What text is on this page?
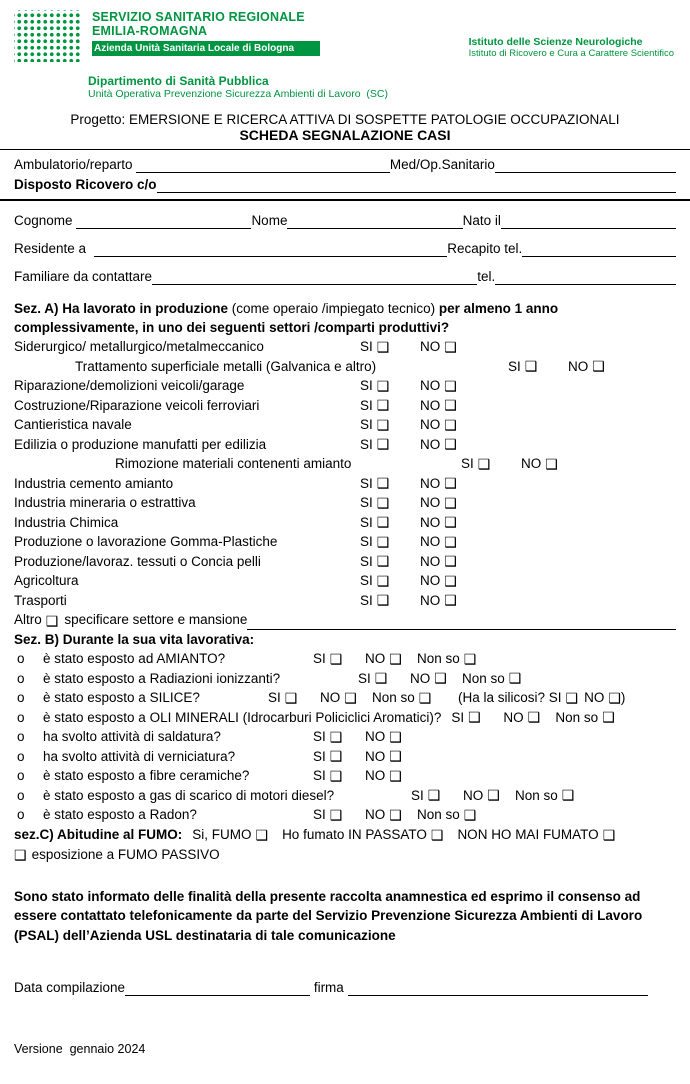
SERVIZIO SANITARIO REGIONALE
EMILIA-ROMAGNA
Azienda Unità Sanitaria Locale di Bologna
Istituto delle Scienze Neurologiche
Istituto di Ricovero e Cura a Carattere Scientifico
Dipartimento di Sanità Pubblica
Unità Operativa Prevenzione Sicurezza Ambienti di Lavoro  (SC)
Progetto: EMERSIONE E RICERCA ATTIVA DI SOSPETTE PATOLOGIE OCCUPAZIONALI
SCHEDA SEGNALAZIONE CASI
Ambulatorio/reparto	Med/Op.Sanitario
Disposto Ricovero c/o
Cognome	Nome	Nato il
Residente a	Recapito tel.
Familiare da contattare	tel.
Sez. A) Ha lavorato in produzione (come operaio /impiegato tecnico) per almeno 1 anno complessivamente, in uno dei seguenti settori /comparti produttivi?
Siderurgico/ metallurgico/metalmeccanico	SI ❑ NO ❑
Trattamento superficiale metalli (Galvanica e altro)	SI ❑ NO ❑
Riparazione/demolizioni veicoli/garage	SI ❑ NO ❑
Costruzione/Riparazione veicoli ferroviari	SI ❑ NO ❑
Cantieristica navale	SI ❑ NO ❑
Edilizia o produzione manufatti per edilizia	SI ❑ NO ❑
Rimozione materiali contenenti amianto	SI ❑ NO ❑
Industria cemento amianto	SI ❑ NO ❑
Industria mineraria o estrattiva	SI ❑ NO ❑
Industria Chimica	SI ❑ NO ❑
Produzione o lavorazione Gomma-Plastiche	SI ❑ NO ❑
Produzione/lavoraz. tessuti o Concia pelli	SI ❑ NO ❑
Agricoltura	SI ❑ NO ❑
Trasporti	SI ❑ NO ❑
Altro ❑ specificare settore e mansione
Sez. B) Durante la sua vita lavorativa:
o	è stato esposto ad AMIANTO?	SI ❑ NO ❑ Non so ❑
o	è stato esposto a Radiazioni ionizzanti?	SI ❑ NO ❑ Non so ❑
o	è stato esposto a SILICE?	SI ❑ NO ❑ Non so ❑ (Ha la silicosi? SI ❑ NO ❑ )
o	è stato esposto a OLI MINERALI (Idrocarburi Policiclici Aromatici)? SI ❑ NO ❑ Non so ❑
o	ha svolto attività di saldatura?	SI ❑ NO ❑
o	ha svolto attività di verniciatura?	SI ❑ NO ❑
o	è stato esposto a fibre ceramiche?	SI ❑ NO ❑
o	è stato esposto a gas di scarico di motori diesel?	SI ❑ NO ❑ Non so ❑
o	è stato esposto a Radon?	SI ❑ NO ❑ Non so ❑
sez.C) Abitudine al FUMO: Si, FUMO ❑ Ho fumato IN PASSATO ❑ NON HO MAI FUMATO ❑
❑ esposizione a FUMO PASSIVO

Sono stato informato delle finalità della presente raccolta anamnestica ed esprimo il consenso ad essere contattato telefonicamente da parte del Servizio Prevenzione Sicurezza Ambienti di Lavoro (PSAL) dell’Azienda USL destinataria di tale comunicazione

Data compilazione	firma
Versione  gennaio 2024
